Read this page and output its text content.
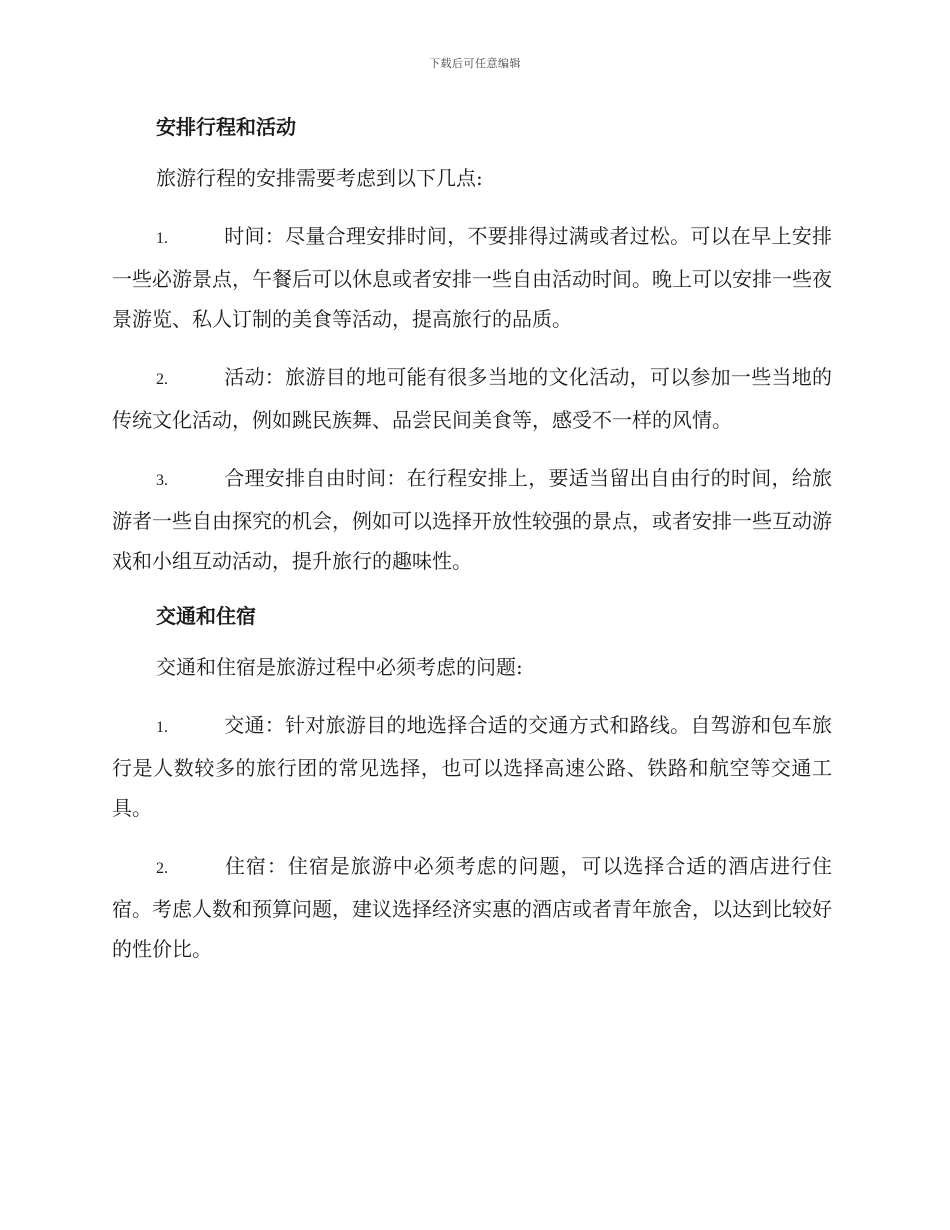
下载后可任意编辑
安排行程和活动

旅游行程的安排需要考虑到以下几点:

1.	时间：尽量合理安排时间，不要排得过满或者过松。可以在早上安排一些必游景点，午餐后可以休息或者安排一些自由活动时间。晚上可以安排一些夜景游览、私人订制的美食等活动，提高旅行的品质。

2.	活动：旅游目的地可能有很多当地的文化活动，可以参加一些当地的传统文化活动，例如跳民族舞、品尝民间美食等，感受不一样的风情。

3.	合理安排自由时间：在行程安排上，要适当留出自由行的时间，给旅游者一些自由探究的机会，例如可以选择开放性较强的景点，或者安排一些互动游戏和小组互动活动，提升旅行的趣味性。

交通和住宿

交通和住宿是旅游过程中必须考虑的问题:

1.	交通：针对旅游目的地选择合适的交通方式和路线。自驾游和包车旅行是人数较多的旅行团的常见选择，也可以选择高速公路、铁路和航空等交通工具。

2.	住宿：住宿是旅游中必须考虑的问题，可以选择合适的酒店进行住宿。考虑人数和预算问题，建议选择经济实惠的酒店或者青年旅舍，以达到比较好的性价比。
